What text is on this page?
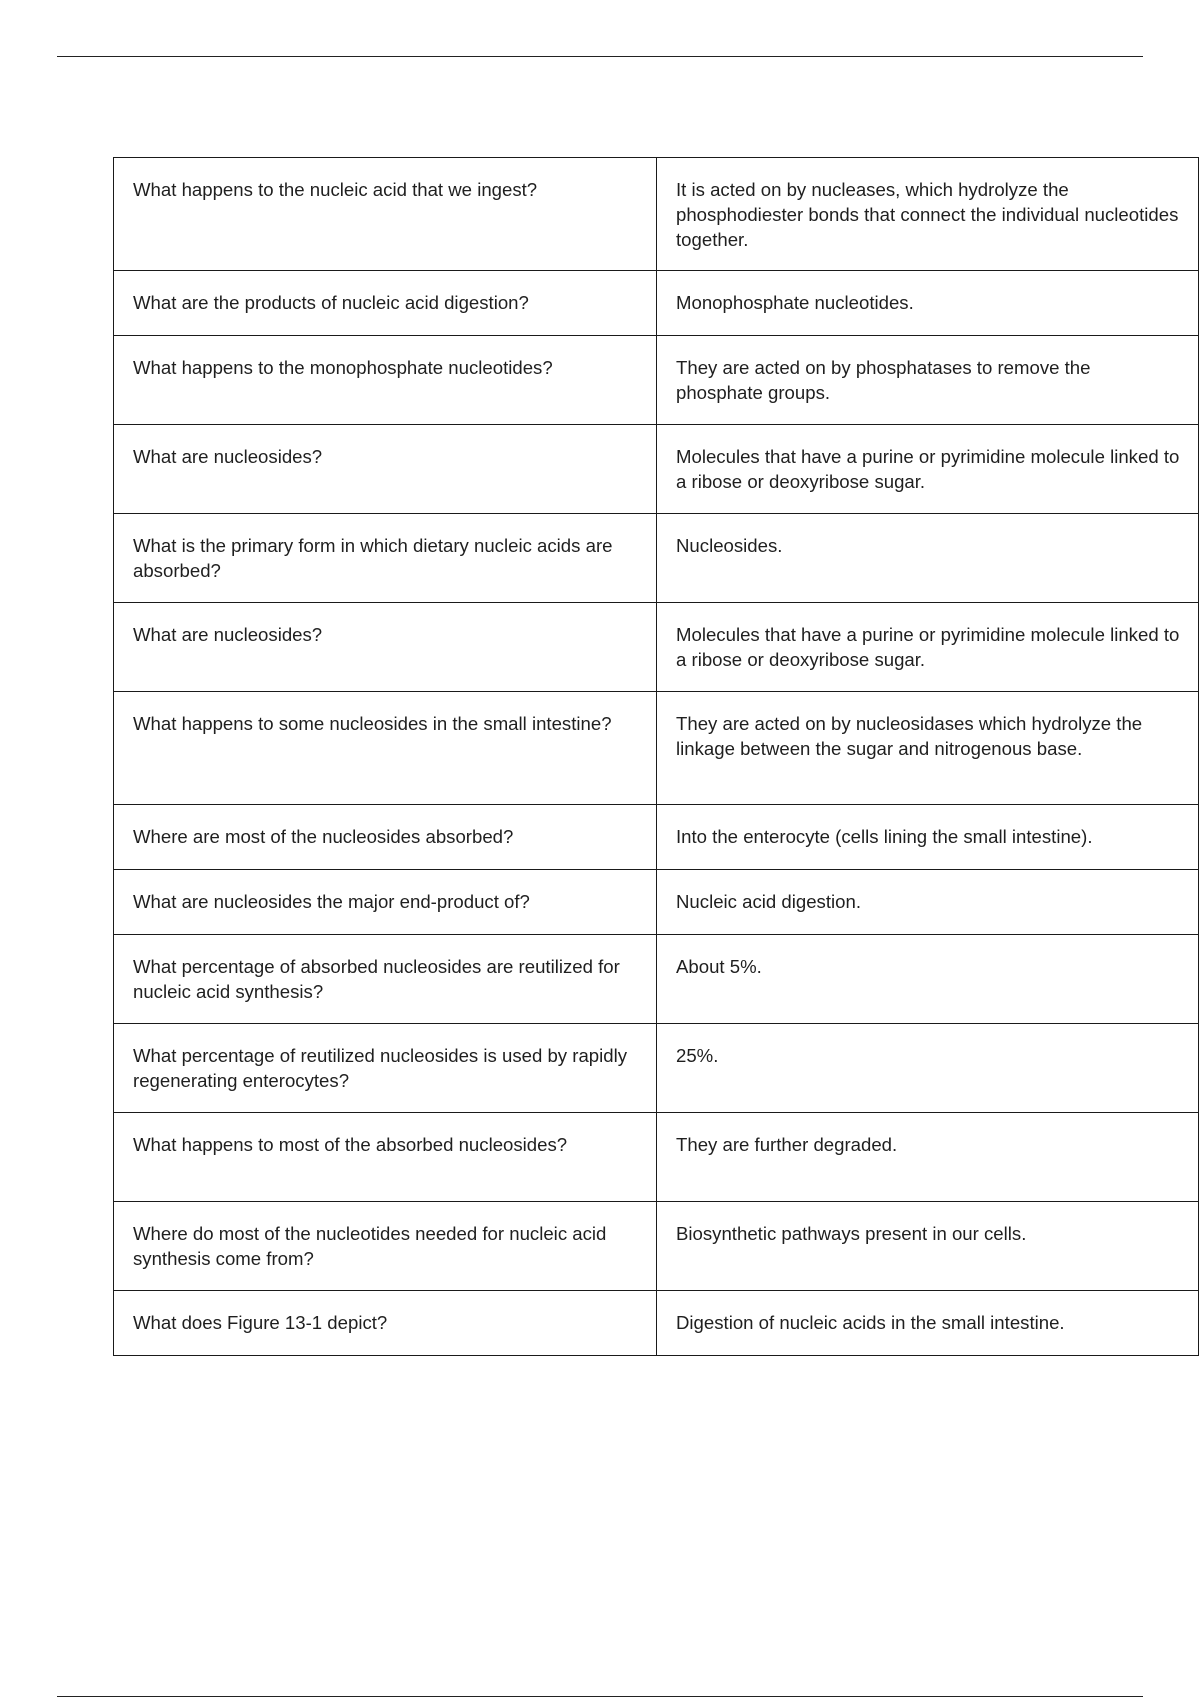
What happens to the nucleic acid that we ingest?	It is acted on by nucleases, which hydrolyze the phosphodiester bonds that connect the individual nucleotides together.
What are the products of nucleic acid digestion?	Monophosphate nucleotides.
What happens to the monophosphate nucleotides?	They are acted on by phosphatases to remove the phosphate groups.
What are nucleosides?	Molecules that have a purine or pyrimidine molecule linked to a ribose or deoxyribose sugar.
What is the primary form in which dietary nucleic acids are absorbed?	Nucleosides.
What are nucleosides?	Molecules that have a purine or pyrimidine molecule linked to a ribose or deoxyribose sugar.
What happens to some nucleosides in the small intestine?	They are acted on by nucleosidases which hydrolyze the linkage between the sugar and nitrogenous base.
Where are most of the nucleosides absorbed?	Into the enterocyte (cells lining the small intestine).
What are nucleosides the major end-product of?	Nucleic acid digestion.
What percentage of absorbed nucleosides are reutilized for nucleic acid synthesis?	About 5%.
What percentage of reutilized nucleosides is used by rapidly regenerating enterocytes?	25%.
What happens to most of the absorbed nucleosides?	They are further degraded.
Where do most of the nucleotides needed for nucleic acid synthesis come from?	Biosynthetic pathways present in our cells.
What does Figure 13-1 depict?	Digestion of nucleic acids in the small intestine.
